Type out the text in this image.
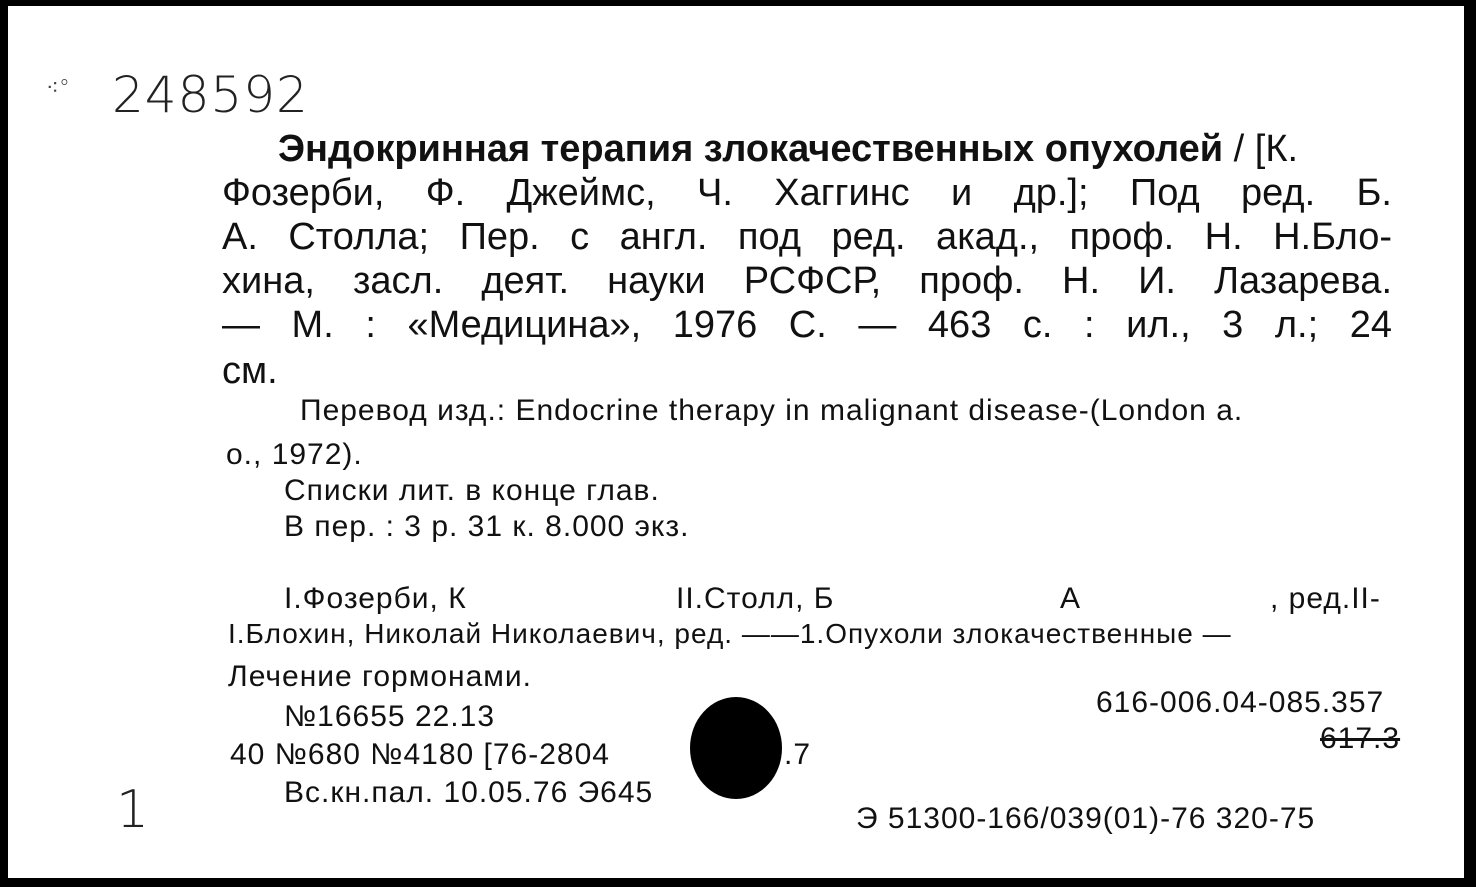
⁖° 248592
Эндокринная терапия злокачественных опухолей / [К.
Фозерби, Ф. Джеймс, Ч. Хаггинс и др.]; Под ред. Б.
А. Столла; Пер. с англ. под ред. акад., проф. Н. Н.Бло-
хина, засл. деят. науки РСФСР, проф. Н. И. Лазарева.
— М. : «Медицина», 1976 С. — 463 с. : ил., 3 л.; 24
см.
Перевод изд.: Endocrine therapy in malignant disease-(London a.
o., 1972).
Списки лит. в конце глав.
В пер. : 3 р. 31 к. 8.000 экз.
I.Фозерби, К	II.Столл, Б	А	, ред.II-
I.Блохин, Николай Николаевич, ред. ——1.Опухоли злокачественные —
Лечение гормонами.
616-006.04-085.357
617.3
№16655 22.13
40 №680 №4180 [76-2804	.7
Вс.кн.пал. 10.05.76 Э645
1	Э 51300-166/039(01)-76 320-75
